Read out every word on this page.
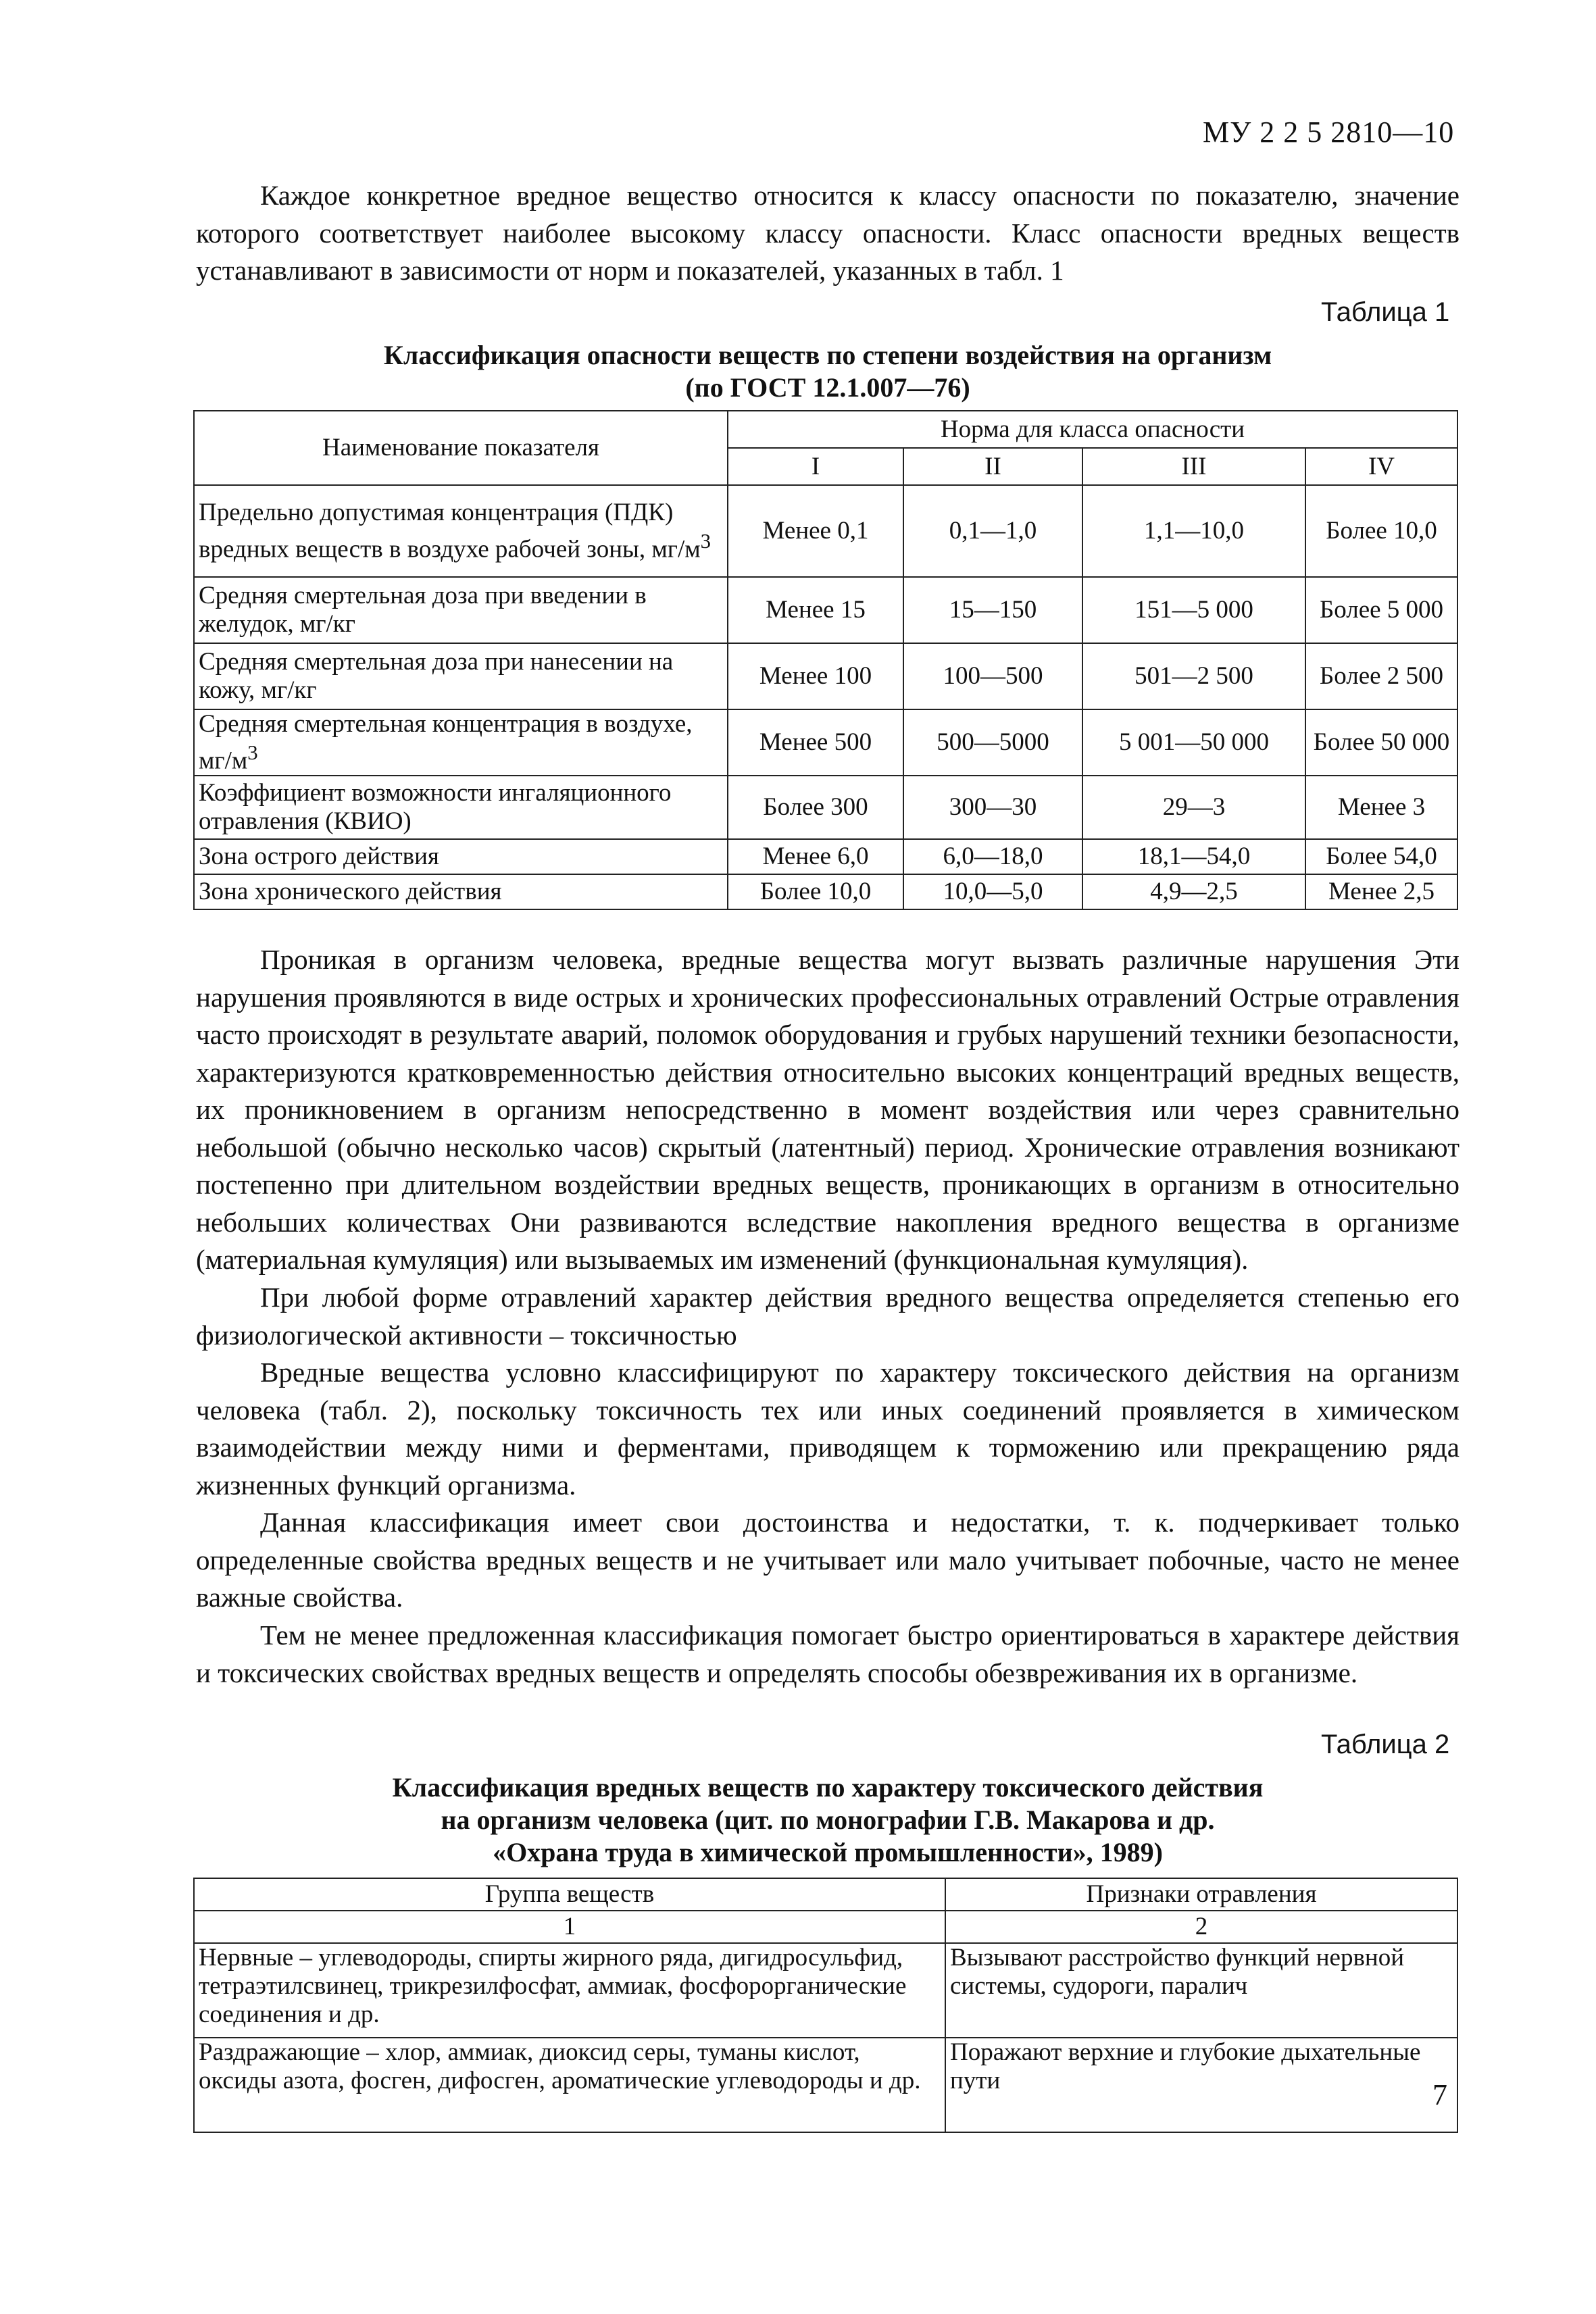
МУ 2 2 5 2810—10

Каждое конкретное вредное вещество относится к классу опасности по показателю, значение которого соответствует наиболее высокому классу опасности. Класс опасности вредных веществ устанавливают в зависимости от норм и показателей, указанных в табл. 1

Таблица 1
Классификация опасности веществ по степени воздействия на организм
(по ГОСТ 12.1.007—76)
Наименование показателя	Норма для класса опасности			
	I	II	III	IV
Предельно допустимая концентрация (ПДК) вредных веществ в воздухе рабочей зоны, $мг/м^3$	Менее 0,1	0,1—1,0	1,1—10,0	Более 10,0
Средняя смертельная доза при введении в желудок, мг/кг	Менее 15	15—150	151—5 000	Более 5 000
Средняя смертельная доза при нанесении на кожу, мг/кг	Менее 100	100—500	501—2 500	Более 2 500
Средняя смертельная концентрация в воздухе, $мг/м^3$	Менее 500	500—5000	5 001—50 000	Более 50 000
Коэффициент возможности ингаляционного отравления (КВИО)	Более 300	300—30	29—3	Менее 3
Зона острого действия	Менее 6,0	6,0—18,0	18,1—54,0	Более 54,0
Зона хронического действия	Более 10,0	10,0—5,0	4,9—2,5	Менее 2,5

Проникая в организм человека, вредные вещества могут вызвать различные нарушения Эти нарушения проявляются в виде острых и хронических профессиональных отравлений Острые отравления часто происходят в результате аварий, поломок оборудования и грубых нарушений техники безопасности, характеризуются кратковременностью действия относительно высоких концентраций вредных веществ, их проникновением в организм непосредственно в момент воздействия или через сравнительно небольшой (обычно несколько часов) скрытый (латентный) период. Хронические отравления возникают постепенно при длительном воздействии вредных веществ, проникающих в организм в относительно небольших количествах Они развиваются вследствие накопления вредного вещества в организме (материальная кумуляция) или вызываемых им изменений (функциональная кумуляция).

При любой форме отравлений характер действия вредного вещества определяется степенью его физиологической активности – токсичностью

Вредные вещества условно классифицируют по характеру токсического действия на организм человека (табл. 2), поскольку токсичность тех или иных соединений проявляется в химическом взаимодействии между ними и ферментами, приводящем к торможению или прекращению ряда жизненных функций организма.

Данная классификация имеет свои достоинства и недостатки, т. к. подчеркивает только определенные свойства вредных веществ и не учитывает или мало учитывает побочные, часто не менее важные свойства.

Тем не менее предложенная классификация помогает быстро ориентироваться в характере действия и токсических свойствах вредных веществ и определять способы обезвреживания их в организме.

Таблица 2
Классификация вредных веществ по характеру токсического действия
на организм человека (цит. по монографии Г.В. Макарова и др.
«Охрана труда в химической промышленности», 1989)
Группа веществ	Признаки отравления
1	2
Нервные – углеводороды, спирты жирного ряда, дигидросульфид, тетраэтилсвинец, трикрезилфосфат, аммиак, фосфорорганические соединения и др.	Вызывают расстройство функций нервной системы, судороги, паралич
Раздражающие – хлор, аммиак, диоксид серы, туманы кислот, оксиды азота, фосген, дифосген, ароматические углеводороды и др.	Поражают верхние и глубокие дыхательные пути	7
